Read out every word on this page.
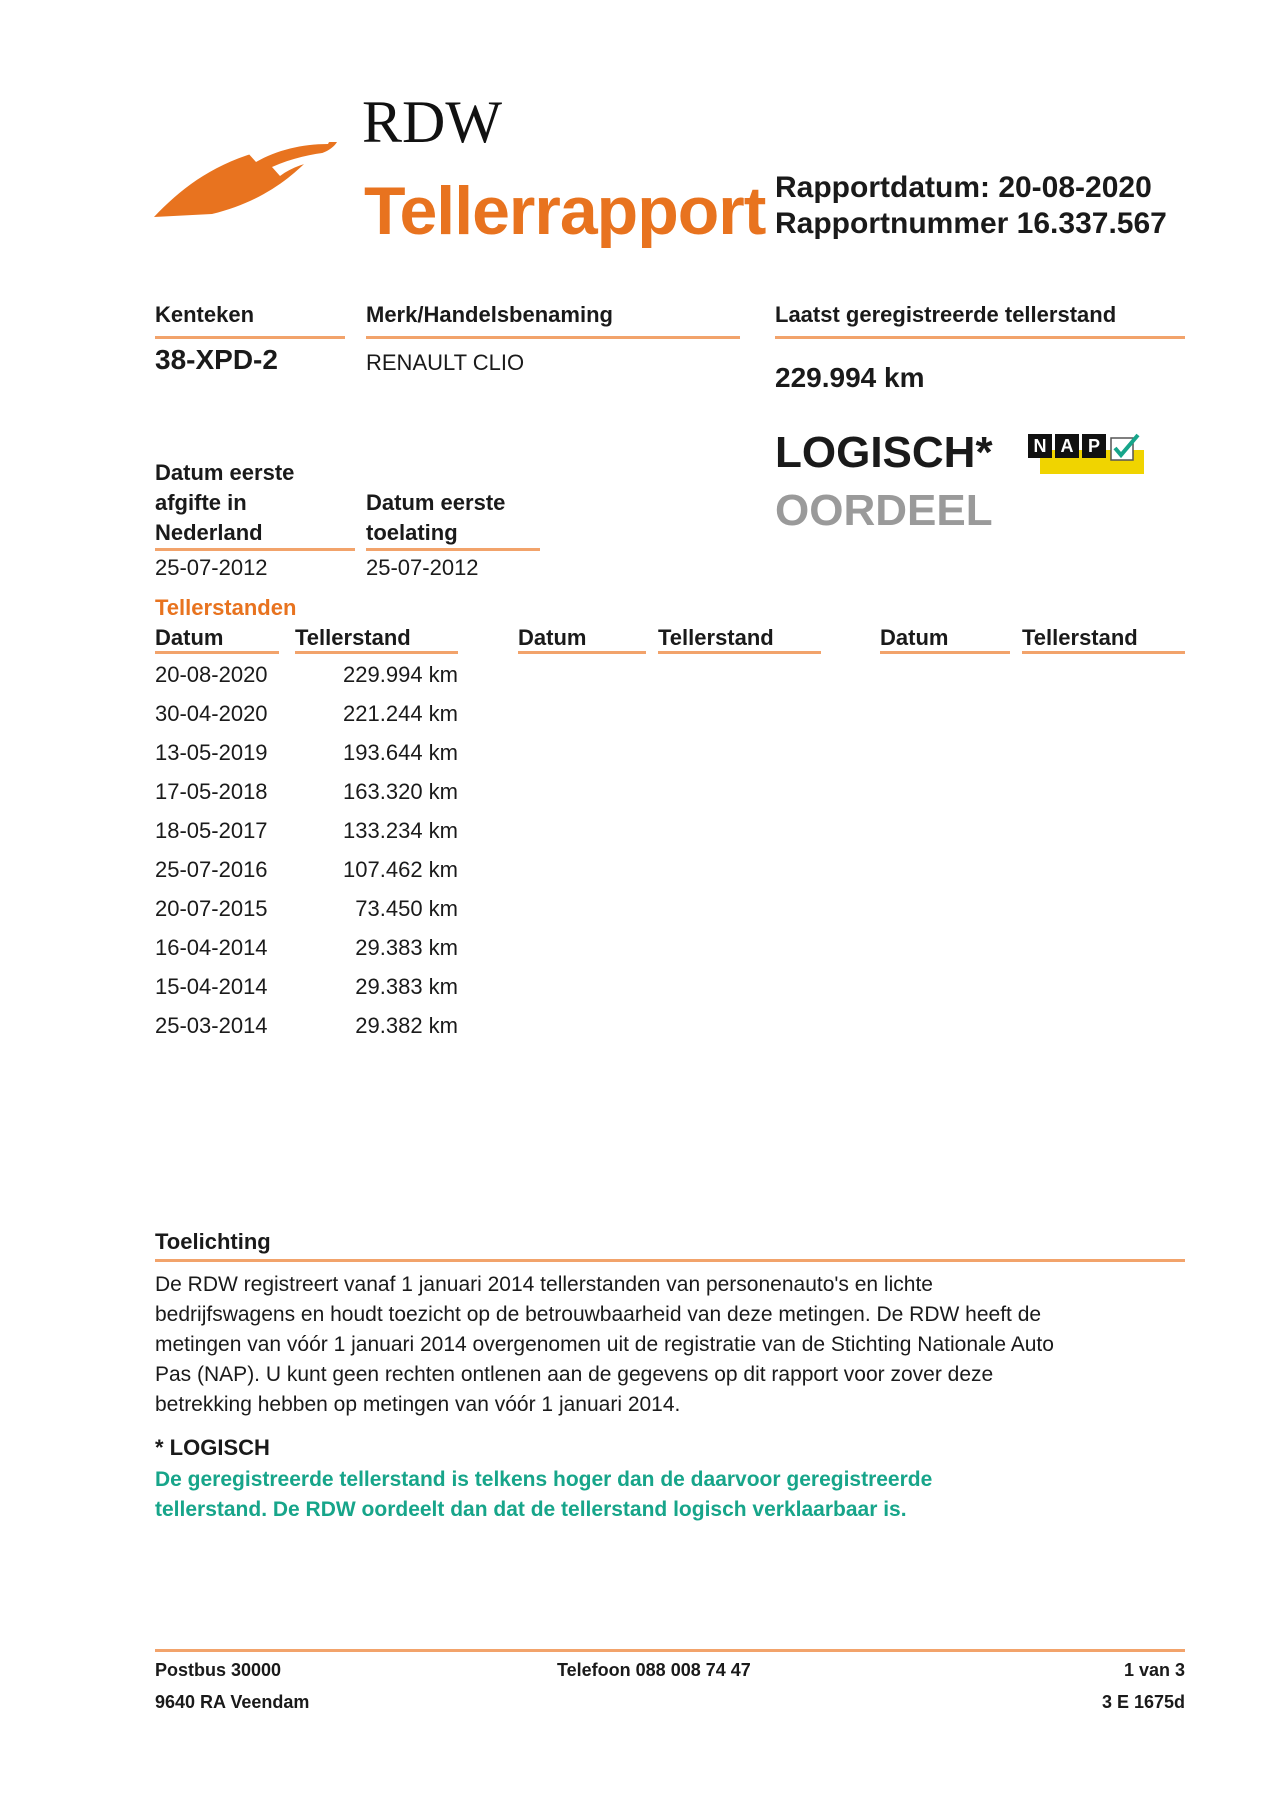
RDW
Tellerrapport Rapportdatum: 20-08-2020
Rapportnummer 16.337.567
Kenteken
38-XPD-2
Merk/Handelsbenaming
RENAULT CLIO
Laatst geregistreerde tellerstand
229.994 km
LOGISCH*
OORDEEL
N A P
Datum eerste
afgifte in
Nederland
25-07-2012
Datum eerste
toelating
25-07-2012
Tellerstanden
Datum	Tellerstand	Datum	Tellerstand	Datum	Tellerstand
20-08-2020	229.994 km
30-04-2020	221.244 km
13-05-2019	193.644 km
17-05-2018	163.320 km
18-05-2017	133.234 km
25-07-2016	107.462 km
20-07-2015	73.450 km
16-04-2014	29.383 km
15-04-2014	29.383 km
25-03-2014	29.382 km
Toelichting
De RDW registreert vanaf 1 januari 2014 tellerstanden van personenauto's en lichte
bedrijfswagens en houdt toezicht op de betrouwbaarheid van deze metingen. De RDW heeft de
metingen van vóór 1 januari 2014 overgenomen uit de registratie van de Stichting Nationale Auto
Pas (NAP). U kunt geen rechten ontlenen aan de gegevens op dit rapport voor zover deze
betrekking hebben op metingen van vóór 1 januari 2014.
* LOGISCH
De geregistreerde tellerstand is telkens hoger dan de daarvoor geregistreerde
tellerstand. De RDW oordeelt dan dat de tellerstand logisch verklaarbaar is.
Postbus 30000
9640 RA Veendam
Telefoon 088 008 74 47	1 van 3
3 E 1675d
